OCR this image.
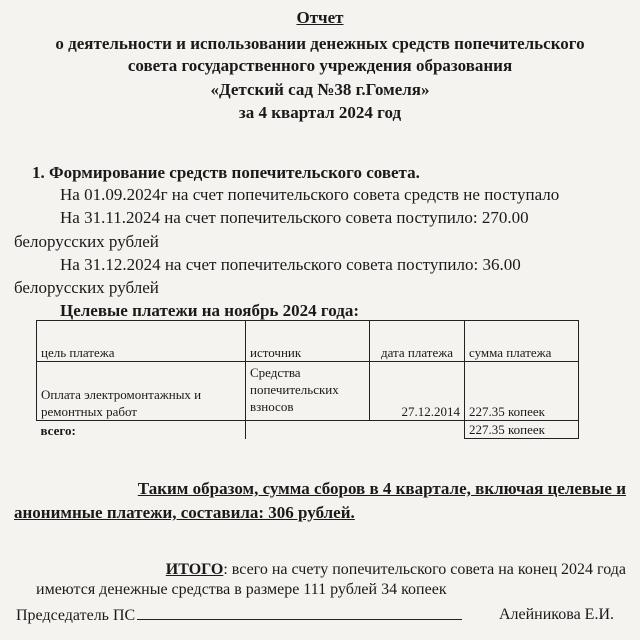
Отчет
о деятельности и использовании денежных средств попечительского
совета государственного учреждения образования
«Детский сад №38 г.Гомеля»
за 4 квартал 2024 год
1. Формирование средств попечительского совета.
На 01.09.2024г на счет попечительского совета средств не поступало
На 31.11.2024 на счет попечительского совета поступило: 270.00
белорусских рублей
На 31.12.2024 на счет попечительского совета поступило: 36.00
белорусских рублей
Целевые платежи на ноябрь 2024 года:
цель платежа	источник	дата платежа	сумма платежа
Оплата электромонтажных и ремонтных работ	Средства попечительских взносов	27.12.2014	227.35 копеек
всего:			227.35 копеек
Таким образом, сумма сборов в 4 квартале, включая целевые и
анонимные платежи, составила: 306 рублей.
ИТОГО: всего на счету попечительского совета на конец 2024 года
имеются денежные средства в размере 111 рублей 34 копеек
Председатель ПС	Алейникова Е.И.
